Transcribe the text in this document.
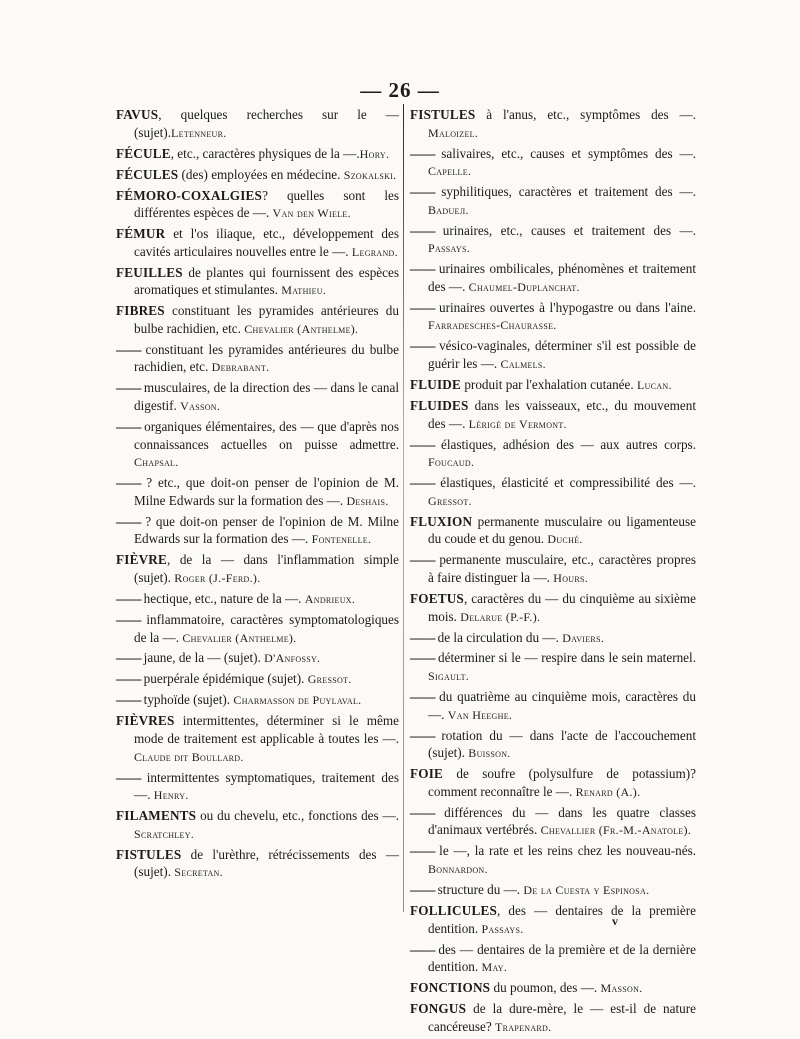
— 26 —

FAVUS, quelques recherches sur le — (sujet).Letenneur.

FÉCULE, etc., caractères physiques de la —.Hory.

FÉCULES (des) employées en médecine. Szokalski.

FÉMORO-COXALGIES? quelles sont les différentes espèces de —. Van den Wiele.

FÉMUR et l'os iliaque, etc., développement des cavités articulaires nouvelles entre le —. Legrand.

FEUILLES de plantes qui fournissent des espèces aromatiques et stimulantes. Mathieu.

FIBRES constituant les pyramides antérieures du bulbe rachidien, etc. Chevalier (Anthelme).

—— constituant les pyramides antérieures du bulbe rachidien, etc. Debrabant.

—— musculaires, de la direction des — dans le canal digestif. Vasson.

—— organiques élémentaires, des — que d'après nos connaissances actuelles on puisse admettre. Chapsal.

—— ? etc., que doit-on penser de l'opinion de M. Milne Edwards sur la formation des —. Deshais.

—— ? que doit-on penser de l'opinion de M. Milne Edwards sur la formation des —. Fontenelle.

FIÈVRE, de la — dans l'inflammation simple (sujet). Roger (J.-Ferd.).

—— hectique, etc., nature de la —. Andrieux.

—— inflammatoire, caractères symptomatologiques de la —. Chevalier (Anthelme).

—— jaune, de la — (sujet). D'Anfossy.

—— puerpérale épidémique (sujet). Gressot.

—— typhoïde (sujet). Charmasson de Puylaval.

FIÈVRES intermittentes, déterminer si le même mode de traitement est applicable à toutes les —. Claude dit Boullard.

—— intermittentes symptomatiques, traitement des —. Henry.

FILAMENTS ou du chevelu, etc., fonctions des —. Scratchley.

FISTULES de l'urèthre, rétrécissements des — (sujet). Secretan.

FISTULES à l'anus, etc., symptômes des —. Maloizel.

—— salivaires, etc., causes et symptômes des —. Capelle.

—— syphilitiques, caractères et traitement des —. Badueл.

—— urinaires, etc., causes et traitement des —. Passays.

—— urinaires ombilicales, phénomènes et traitement des —. Chaumel-Duplanchat.

—— urinaires ouvertes à l'hypogastre ou dans l'aine. Farradesches-Chaurasse.

—— vésico-vaginales, déterminer s'il est possible de guérir les —. Calmels.

FLUIDE produit par l'exhalation cutanée. Lucan.

FLUIDES dans les vaisseaux, etc., du mouvement des —. Lérigé de Vermont.

—— élastiques, adhésion des — aux autres corps. Foucaud.

—— élastiques, élasticité et compressibilité des —. Gressot.

FLUXION permanente musculaire ou ligamenteuse du coude et du genou. Duché.

—— permanente musculaire, etc., caractères propres à faire distinguer la —. Hours.

FOETUS, caractères du — du cinquième au sixième mois. Delarue (P.-F.).

—— de la circulation du —. Daviers.

—— déterminer si le — respire dans le sein maternel. Sigault.

—— du quatrième au cinquième mois, caractères du —. Van Heeghe.

—— rotation du — dans l'acte de l'accouchement (sujet). Buisson.

FOIE de soufre (polysulfure de potassium)? comment reconnaître le —. Renard (A.).

—— différences du — dans les quatre classes d'animaux vertébrés. Chevallier (Fr.-M.-Anatole).

—— le —, la rate et les reins chez les nouveau-nés. Bonnardon.

—— structure du —. De la Cuesta y Espinosa.

FOLLICULES, des — dentaires de la première dentition. Passays.

—— des — dentaires de la première et de la dernière dentition. May.

FONCTIONS du poumon, des —. Masson.

FONGUS de la dure-mère, le — est-il de nature cancéreuse? Trapenard.

v
